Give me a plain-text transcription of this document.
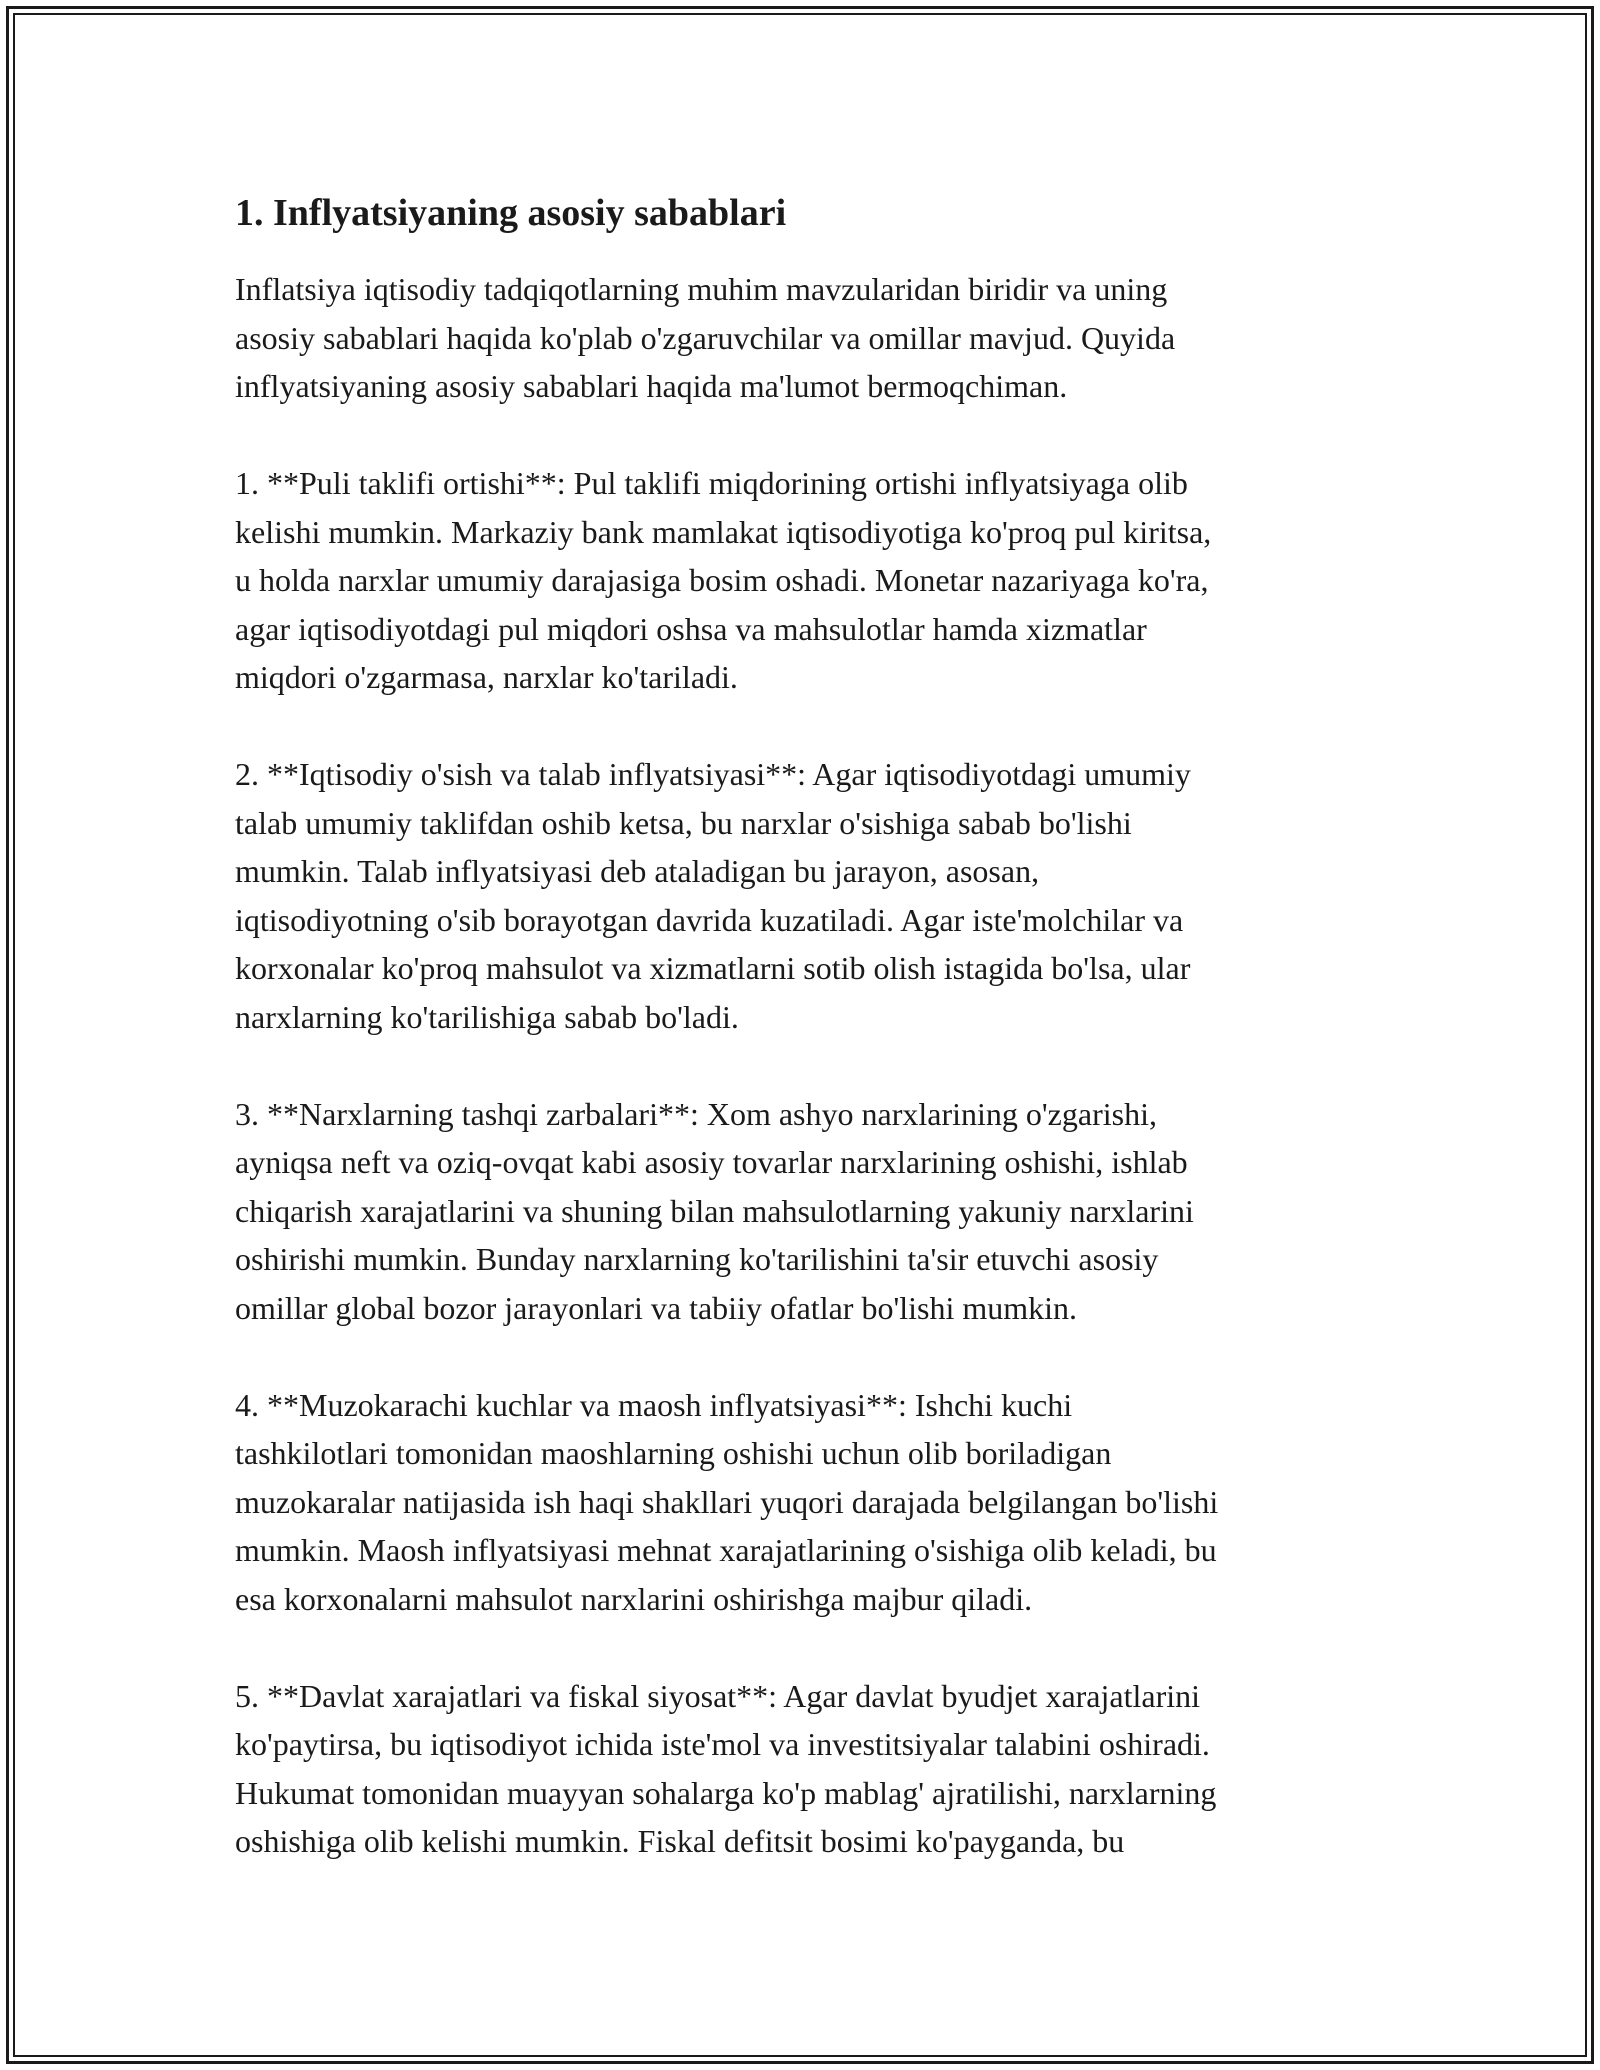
1. Inflyatsiyaning asosiy sabablari

Inflatsiya iqtisodiy tadqiqotlarning muhim mavzularidan biridir va uning
asosiy sabablari haqida ko'plab o'zgaruvchilar va omillar mavjud. Quyida
inflyatsiyaning asosiy sabablari haqida ma'lumot bermoqchiman.

1. **Puli taklifi ortishi**: Pul taklifi miqdorining ortishi inflyatsiyaga olib
kelishi mumkin. Markaziy bank mamlakat iqtisodiyotiga ko'proq pul kiritsa,
u holda narxlar umumiy darajasiga bosim oshadi. Monetar nazariyaga ko'ra,
agar iqtisodiyotdagi pul miqdori oshsa va mahsulotlar hamda xizmatlar
miqdori o'zgarmasa, narxlar ko'tariladi.

2. **Iqtisodiy o'sish va talab inflyatsiyasi**: Agar iqtisodiyotdagi umumiy
talab umumiy taklifdan oshib ketsa, bu narxlar o'sishiga sabab bo'lishi
mumkin. Talab inflyatsiyasi deb ataladigan bu jarayon, asosan,
iqtisodiyotning o'sib borayotgan davrida kuzatiladi. Agar iste'molchilar va
korxonalar ko'proq mahsulot va xizmatlarni sotib olish istagida bo'lsa, ular
narxlarning ko'tarilishiga sabab bo'ladi.

3. **Narxlarning tashqi zarbalari**: Xom ashyo narxlarining o'zgarishi,
ayniqsa neft va oziq-ovqat kabi asosiy tovarlar narxlarining oshishi, ishlab
chiqarish xarajatlarini va shuning bilan mahsulotlarning yakuniy narxlarini
oshirishi mumkin. Bunday narxlarning ko'tarilishini ta'sir etuvchi asosiy
omillar global bozor jarayonlari va tabiiy ofatlar bo'lishi mumkin.

4. **Muzokarachi kuchlar va maosh inflyatsiyasi**: Ishchi kuchi
tashkilotlari tomonidan maoshlarning oshishi uchun olib boriladigan
muzokaralar natijasida ish haqi shakllari yuqori darajada belgilangan bo'lishi
mumkin. Maosh inflyatsiyasi mehnat xarajatlarining o'sishiga olib keladi, bu
esa korxonalarni mahsulot narxlarini oshirishga majbur qiladi.

5. **Davlat xarajatlari va fiskal siyosat**: Agar davlat byudjet xarajatlarini
ko'paytirsa, bu iqtisodiyot ichida iste'mol va investitsiyalar talabini oshiradi.
Hukumat tomonidan muayyan sohalarga ko'p mablag' ajratilishi, narxlarning
oshishiga olib kelishi mumkin. Fiskal defitsit bosimi ko'payganda, bu
